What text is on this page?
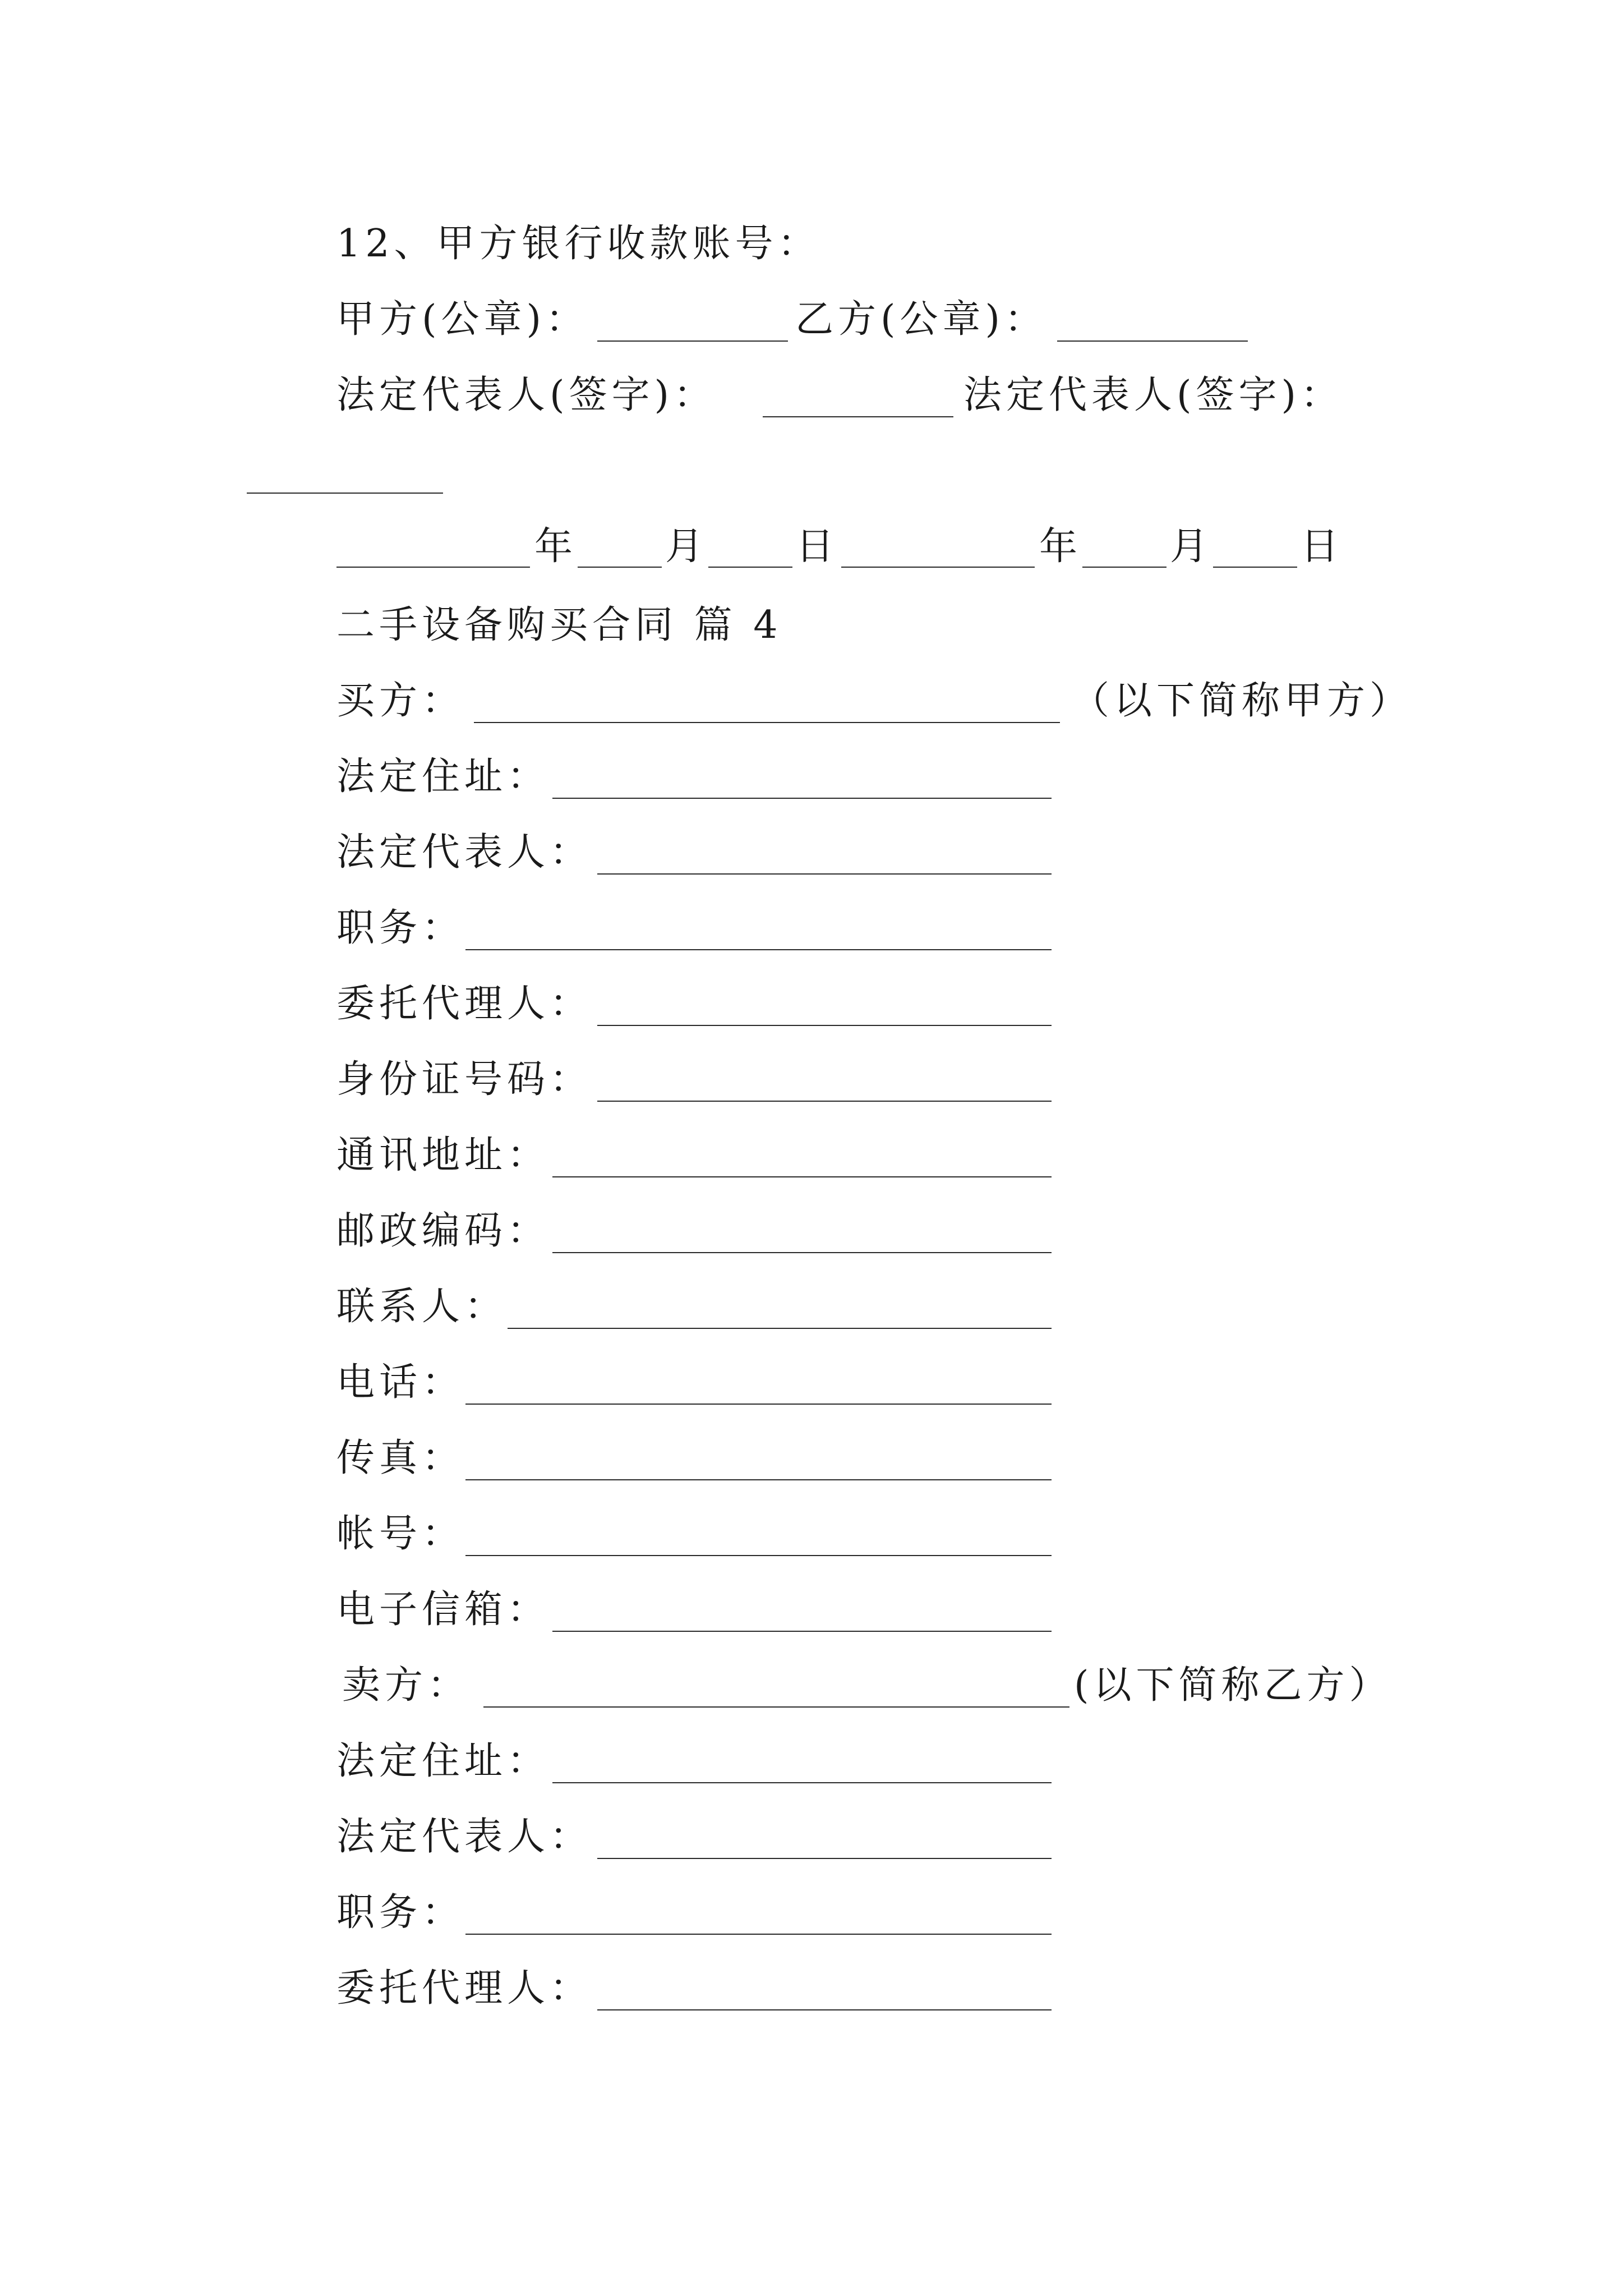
12、甲方银行收款账号：
甲方(公章)：	乙方(公章)：
法定代表人(签字)：	法定代表人(签字)：
年 月 日	年 月 日
二手设备购买合同 篇 4
买方：	（以下简称甲方）
法定住址：
法定代表人：
职务：
委托代理人：
身份证号码：
通讯地址：
邮政编码：
联系人：
电话：
传真：
帐号：
电子信箱：
卖方：	(以下简称乙方）
法定住址：
法定代表人：
职务：
委托代理人：
